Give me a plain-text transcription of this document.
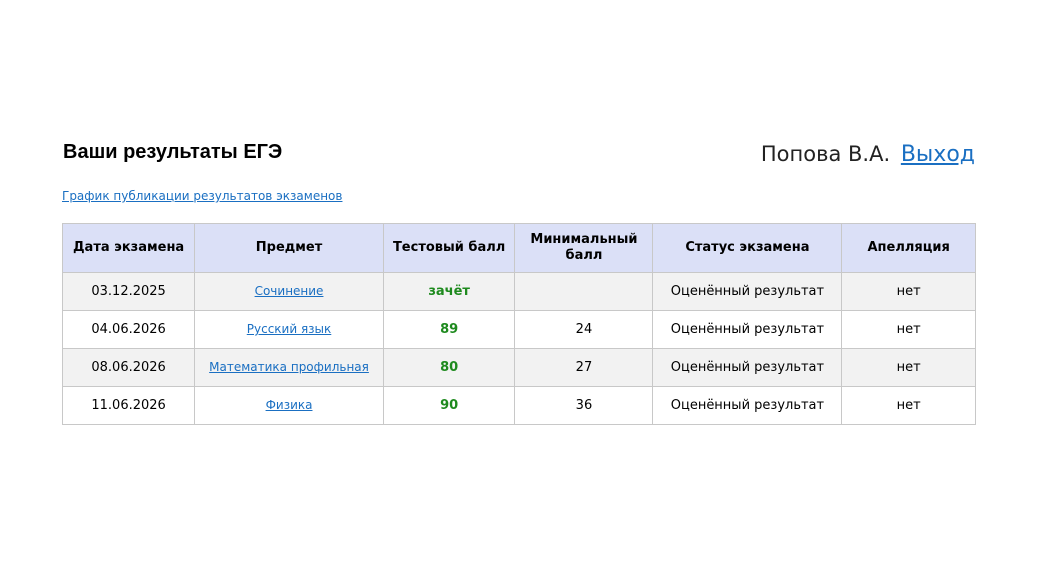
Ваши результаты ЕГЭ	Попова В.А. Выход
График публикации результатов экзаменов
Дата экзамена	Предмет	Тестовый балл	Минимальный балл	Статус экзамена	Апелляция
03.12.2025	Сочинение	зачёт		Оценённый результат	нет
04.06.2026	Русский язык	89	24	Оценённый результат	нет
08.06.2026	Математика профильная	80	27	Оценённый результат	нет
11.06.2026	Физика	90	36	Оценённый результат	нет
